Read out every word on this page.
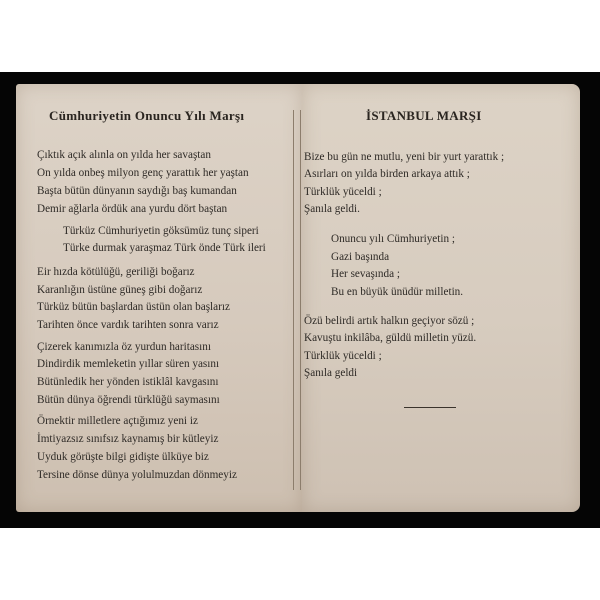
Cümhuriyetin Onuncu Yılı Marşı	İSTANBUL MARŞI
Çıktık açık alınla on yılda her savaştan
On yılda onbeş milyon genç yarattık her yaştan
Başta bütün dünyanın saydığı baş kumandan
Demir ağlarla ördük ana yurdu dört baştan
Türküz Cümhuriyetin göksümüz tunç siperi
Türke durmak yaraşmaz Türk önde Türk ileri
Eir hızda kötülüğü, geriliği boğarız
Karanlığın üstüne güneş gibi doğarız
Türküz bütün başlardan üstün olan başlarız
Tarihten önce vardık tarihten sonra varız
Çizerek kanımızla öz yurdun haritasını
Dindirdik memleketin yıllar süren yasını
Bütünledik her yönden istiklâl kavgasını
Bütün dünya öğrendi türklüğü saymasını
Örnektir milletlere açtığımız yeni iz
İmtiyazsız sınıfsız kaynamış bir kütleyiz
Uyduk görüşte bilgi gidişte ülküye biz
Tersine dönse dünya yolulmuzdan dönmeyiz
Bize bu gün ne mutlu, yeni bir yurt yarattık ;
Asırları on yılda birden arkaya attık ;
Türklük yüceldi ;
Şanıla geldi.
Onuncu yılı Cümhuriyetin ;
Gazi başında
Her sevaşında ;
Bu en büyük ünüdür milletin.
Özü belirdi artık halkın geçiyor sözü ;
Kavuştu inkilâba, güldü milletin yüzü.
Türklük yüceldi ;
Şanıla geldi
